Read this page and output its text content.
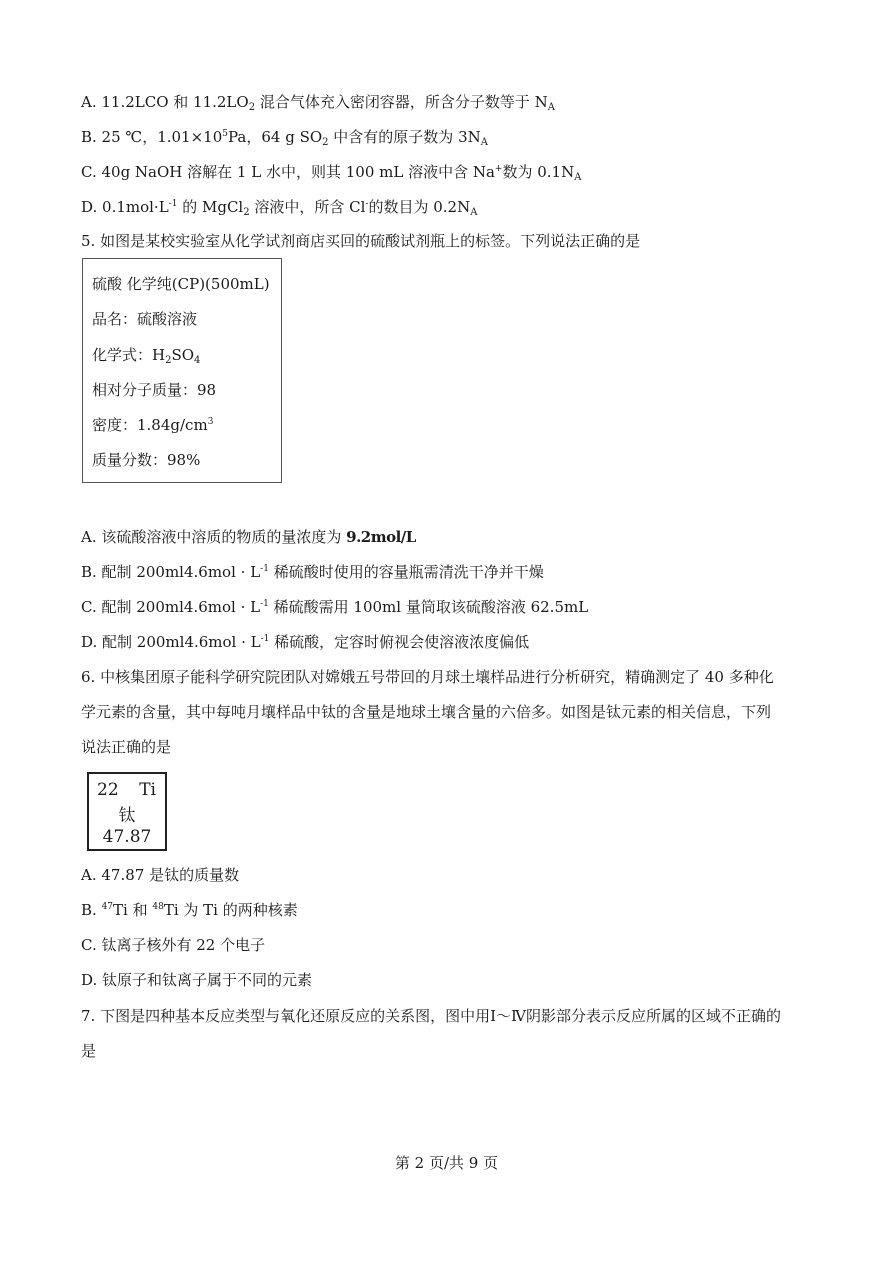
A. 11.2LCO 和 $11.2LO_2$ 混合气体充入密闭容器，所含分子数等于 $N_A$
B. 25 ℃，$1.01\times 10^5Pa$，64 g $SO_2$ 中含有的原子数为 $3N_A$
C. 40g NaOH 溶解在 1 L 水中，则其 100 mL 溶液中含 Na+数为 $0.1N_A$
D. $0.1mol\cdot L^{-1}$ 的 MgCl$_2$ 溶液中，所含 Cl-的数目为 $0.2N_A$
5. 如图是某校实验室从化学试剂商店买回的硫酸试剂瓶上的标签。下列说法正确的是
硫酸 化学纯(CP)(500mL)
品名：硫酸溶液
化学式：$H_2SO_4$
相对分子质量：98
密度：$1.84g/cm^3$
质量分数：98%
A. 该硫酸溶液中溶质的物质的量浓度为 9.2mol/L
B. 配制 $200ml4.6mol \cdot L^{-1}$ 稀硫酸时使用的容量瓶需清洗干净并干燥
C. 配制 $200ml4.6mol \cdot L^{-1}$ 稀硫酸需用 100ml 量筒取该硫酸溶液 62.5mL
D. 配制 $200ml4.6mol \cdot L^{-1}$ 稀硫酸，定容时俯视会使溶液浓度偏低
6. 中核集团原子能科学研究院团队对嫦娥五号带回的月球土壤样品进行分析研究，精确测定了 40 多种化
学元素的含量，其中每吨月壤样品中钛的含量是地球土壤含量的六倍多。如图是钛元素的相关信息，下列
说法正确的是
22 Ti
钛
47.87
A. 47.87 是钛的质量数
B. $^{47}$Ti 和 $^{48}$Ti 为 Ti 的两种核素
C. 钛离子核外有 22 个电子
D. 钛原子和钛离子属于不同的元素
7. 下图是四种基本反应类型与氧化还原反应的关系图，图中用Ⅰ～Ⅳ阴影部分表示反应所属的区域不正确的
是
第 2 页/共 9 页
